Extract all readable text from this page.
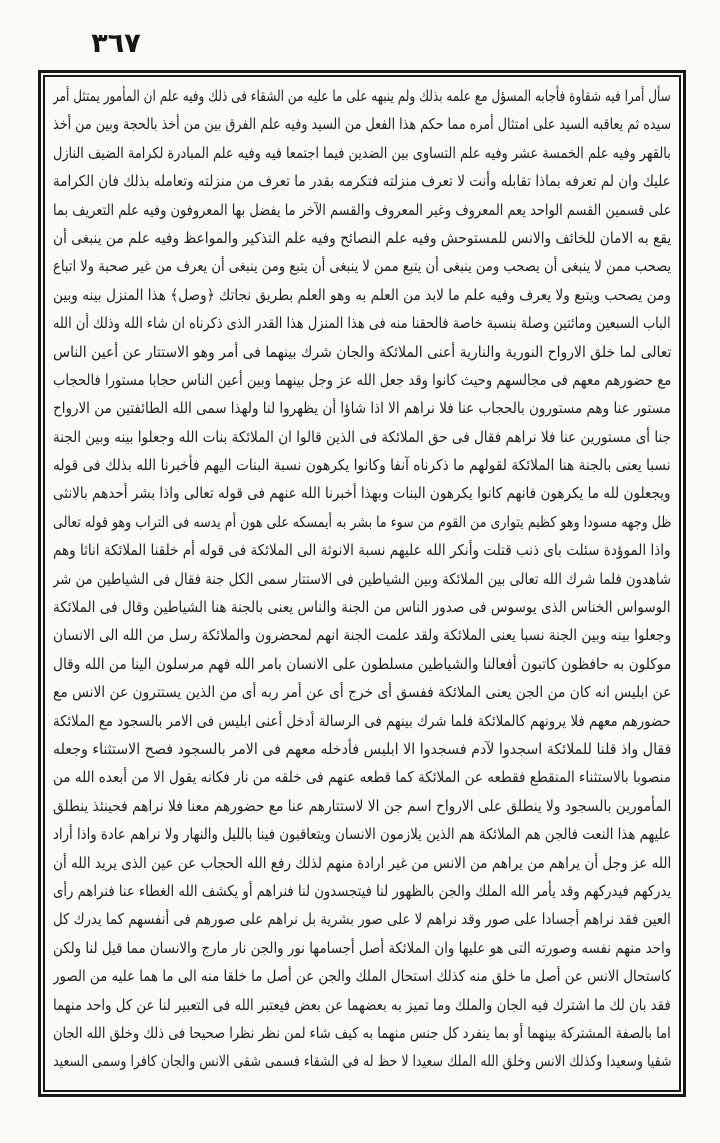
٣٦٧
سأل أمرا فيه شقاوة فأجابه المسؤل مع علمه بذلك ولم ينبهه على ما عليه من الشقاء فى ذلك وفيه علم ان المأمور يمتثل أمر
سيده ثم يعاقبه السيد على امتثال أمره مما حكم هذا الفعل من السيد وفيه علم الفرق بين من أخذ بالحجة وبين من أخذ
بالقهر وفيه علم الخمسة عشر وفيه علم التساوى بين الضدين فيما اجتمعا فيه وفيه علم المبادرة لكرامة الضيف النازل
عليك وان لم تعرفه بماذا تقابله وأنت لا تعرف منزلته فتكرمه بقدر ما تعرف من منزلته وتعامله بذلك فان الكرامة
على قسمين القسم الواحد يعم المعروف وغير المعروف والقسم الآخر ما يفضل بها المعروفون وفيه علم التعريف بما
يقع به الامان للخائف والانس للمستوحش وفيه علم النصائح وفيه علم التذكير والمواعظ وفيه علم من ينبغى أن
يصحب ممن لا ينبغى أن يصحب ومن ينبغى أن يتبع ممن لا ينبغى أن يتبع ومن ينبغى أن يعرف من غير صحبة ولا اتباع
ومن يصحب ويتبع ولا يعرف وفيه علم ما لابد من العلم به وهو العلم بطريق نجاتك ﴿وصل﴾ هذا المنزل بينه وبين
الباب السبعين ومائتين وصلة بنسبة خاصة فالحقنا منه فى هذا المنزل هذا القدر الذى ذكرناه ان شاء الله وذلك أن الله
تعالى لما خلق الارواح النورية والنارية أعنى الملائكة والجان شرك بينهما فى أمر وهو الاستتار عن أعين الناس
مع حضورهم معهم فى مجالسهم وحيث كانوا وقد جعل الله عز وجل بينهما وبين أعين الناس حجابا مستورا فالحجاب
مستور عنا وهم مستورون بالحجاب عنا فلا نراهم الا اذا شاؤا أن يظهروا لنا ولهذا سمى الله الطائفتين من الارواح
جنا أى مستورين عنا فلا نراهم فقال فى حق الملائكة فى الذين قالوا ان الملائكة بنات الله وجعلوا بينه وبين الجنة
نسبا يعنى بالجنة هنا الملائكة لقولهم ما ذكرناه آنفا وكانوا يكرهون نسبة البنات اليهم فأخبرنا الله بذلك فى قوله
ويجعلون لله ما يكرهون فانهم كانوا يكرهون البنات وبهذا أخبرنا الله عنهم فى قوله تعالى واذا بشر أحدهم بالانثى
ظل وجهه مسودا وهو كظيم يتوارى من القوم من سوء ما بشر به أيمسكه على هون أم يدسه فى التراب وهو قوله تعالى
واذا الموؤدة سئلت باى ذنب قتلت وأنكر الله عليهم نسبة الانوثة الى الملائكة فى قوله أم خلقنا الملائكة اناثا وهم
شاهدون فلما شرك الله تعالى بين الملائكة وبين الشياطين فى الاستتار سمى الكل جنة فقال فى الشياطين من شر
الوسواس الخناس الذى يوسوس فى صدور الناس من الجنة والناس يعنى بالجنة هنا الشياطين وقال فى الملائكة
وجعلوا بينه وبين الجنة نسبا يعنى الملائكة ولقد علمت الجنة انهم لمحضرون والملائكة رسل من الله الى الانسان
موكلون به حافظون كاتبون أفعالنا والشياطين مسلطون على الانسان بامر الله فهم مرسلون الينا من الله وقال
عن ابليس انه كان من الجن يعنى الملائكة ففسق أى خرج أى عن أمر ربه أى من الذين يستترون عن الانس مع
حضورهم معهم فلا يرونهم كالملائكة فلما شرك بينهم فى الرسالة أدخل أعنى ابليس فى الامر بالسجود مع الملائكة
فقال واذ قلنا للملائكة اسجدوا لآدم فسجدوا الا ابليس فأدخله معهم فى الامر بالسجود فصح الاستثناء وجعله
منصوبا بالاستثناء المنقطع فقطعه عن الملائكة كما قطعه عنهم فى خلقه من نار فكانه يقول الا من أبعده الله من
المأمورين بالسجود ولا ينطلق على الارواح اسم جن الا لاستتارهم عنا مع حضورهم معنا فلا نراهم فحينئذ ينطلق
عليهم هذا النعت فالجن هم الملائكة هم الذين يلازمون الانسان ويتعاقبون فينا بالليل والنهار ولا نراهم عادة واذا أراد
الله عز وجل أن يراهم من يراهم من الانس من غير ارادة منهم لذلك رفع الله الحجاب عن عين الذى يريد الله أن
يدركهم فيدركهم وقد يأمر الله الملك والجن بالظهور لنا فيتجسدون لنا فنراهم أو يكشف الله الغطاء عنا فنراهم رأى
العين فقد نراهم أجسادا على صور وقد نراهم لا على صور بشرية بل نراهم على صورهم فى أنفسهم كما يدرك كل
واحد منهم نفسه وصورته التى هو عليها وان الملائكة أصل أجسامها نور والجن نار مارج والانسان مما قيل لنا ولكن
كاستحال الانس عن أصل ما خلق منه كذلك استحال الملك والجن عن أصل ما خلقا منه الى ما هما عليه من الصور
فقد بان لك ما اشترك فيه الجان والملك وما تميز به بعضهما عن بعض فيعتبر الله فى التعبير لنا عن كل واحد منهما
اما بالصفة المشتركة بينهما أو بما ينفرد كل جنس منهما به كيف شاء لمن نظر نظرا صحيحا فى ذلك وخلق الله الجان
شقيا وسعيدا وكذلك الانس وخلق الله الملك سعيدا لا حظ له فى الشقاء فسمى شقى الانس والجان كافرا وسمى السعيد
